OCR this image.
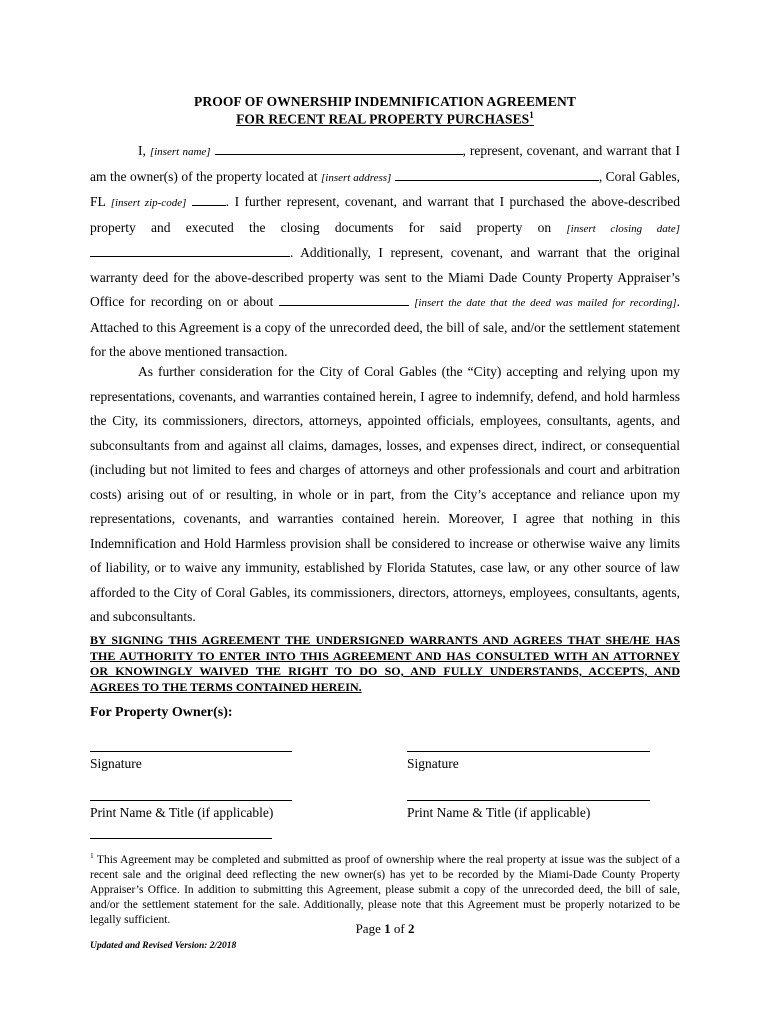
PROOF OF OWNERSHIP INDEMNIFICATION AGREEMENT
FOR RECENT REAL PROPERTY PURCHASES$^1$
I, [insert name]	, represent, covenant, and warrant that I am the owner(s) of the property located at [insert address]	, Coral Gables, FL [insert zip-code]	. I further represent, covenant, and warrant that I purchased the above-described property and executed the closing documents for said property on [insert closing date] . Additionally, I represent, covenant, and warrant that the original warranty deed for the above-described property was sent to the Miami Dade County Property Appraiser’s Office for recording on or about	[insert the date that the deed was mailed for recording]. Attached to this Agreement is a copy of the unrecorded deed, the bill of sale, and/or the settlement statement for the above mentioned transaction.
As further consideration for the City of Coral Gables (the “City) accepting and relying upon my representations, covenants, and warranties contained herein, I agree to indemnify, defend, and hold harmless the City, its commissioners, directors, attorneys, appointed officials, employees, consultants, agents, and subconsultants from and against all claims, damages, losses, and expenses direct, indirect, or consequential (including but not limited to fees and charges of attorneys and other professionals and court and arbitration costs) arising out of or resulting, in whole or in part, from the City’s acceptance and reliance upon my representations, covenants, and warranties contained herein. Moreover, I agree that nothing in this Indemnification and Hold Harmless provision shall be considered to increase or otherwise waive any limits of liability, or to waive any immunity, established by Florida Statutes, case law, or any other source of law afforded to the City of Coral Gables, its commissioners, directors, attorneys, employees, consultants, agents, and subconsultants.
BY SIGNING THIS AGREEMENT THE UNDERSIGNED WARRANTS AND AGREES THAT SHE/HE HAS THE AUTHORITY TO ENTER INTO THIS AGREEMENT AND HAS CONSULTED WITH AN ATTORNEY OR KNOWINGLY WAIVED THE RIGHT TO DO SO, AND FULLY UNDERSTANDS, ACCEPTS, AND AGREES TO THE TERMS CONTAINED HEREIN.
For Property Owner(s):
Signature	Signature
Print Name & Title (if applicable)	Print Name & Title (if applicable)
$^1$ This Agreement may be completed and submitted as proof of ownership where the real property at issue was the subject of a recent sale and the original deed reflecting the new owner(s) has yet to be recorded by the Miami-Dade County Property Appraiser’s Office. In addition to submitting this Agreement, please submit a copy of the unrecorded deed, the bill of sale, and/or the settlement statement for the sale. Additionally, please note that this Agreement must be properly notarized to be legally sufficient.
Page 1 of 2
Updated and Revised Version: 2/2018
